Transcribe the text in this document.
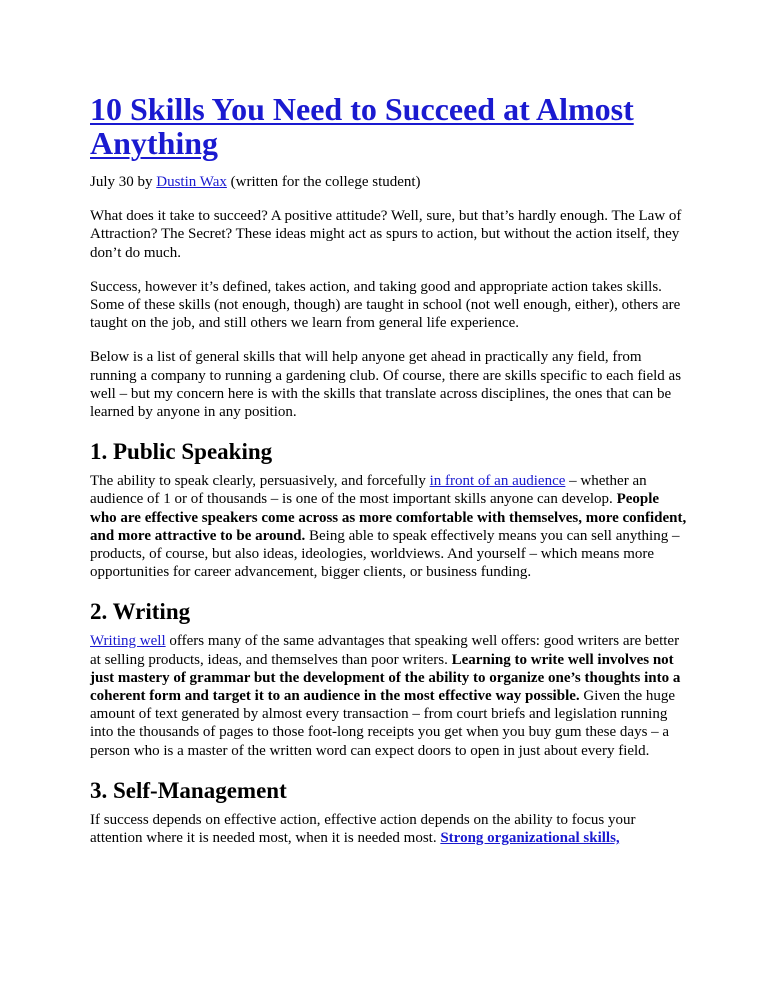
10 Skills You Need to Succeed at Almost Anything

July 30 by Dustin Wax (written for the college student)

What does it take to succeed? A positive attitude? Well, sure, but that’s hardly enough. The Law of Attraction? The Secret? These ideas might act as spurs to action, but without the action itself, they don’t do much.

Success, however it’s defined, takes action, and taking good and appropriate action takes skills. Some of these skills (not enough, though) are taught in school (not well enough, either), others are taught on the job, and still others we learn from general life experience.

Below is a list of general skills that will help anyone get ahead in practically any field, from running a company to running a gardening club. Of course, there are skills specific to each field as well – but my concern here is with the skills that translate across disciplines, the ones that can be learned by anyone in any position.

1. Public Speaking

The ability to speak clearly, persuasively, and forcefully in front of an audience – whether an audience of 1 or of thousands – is one of the most important skills anyone can develop. People who are effective speakers come across as more comfortable with themselves, more confident, and more attractive to be around. Being able to speak effectively means you can sell anything – products, of course, but also ideas, ideologies, worldviews. And yourself – which means more opportunities for career advancement, bigger clients, or business funding.

2. Writing

Writing well offers many of the same advantages that speaking well offers: good writers are better at selling products, ideas, and themselves than poor writers. Learning to write well involves not just mastery of grammar but the development of the ability to organize one’s thoughts into a coherent form and target it to an audience in the most effective way possible. Given the huge amount of text generated by almost every transaction – from court briefs and legislation running into the thousands of pages to those foot-long receipts you get when you buy gum these days – a person who is a master of the written word can expect doors to open in just about every field.

3. Self-Management

If success depends on effective action, effective action depends on the ability to focus your attention where it is needed most, when it is needed most. Strong organizational skills,
